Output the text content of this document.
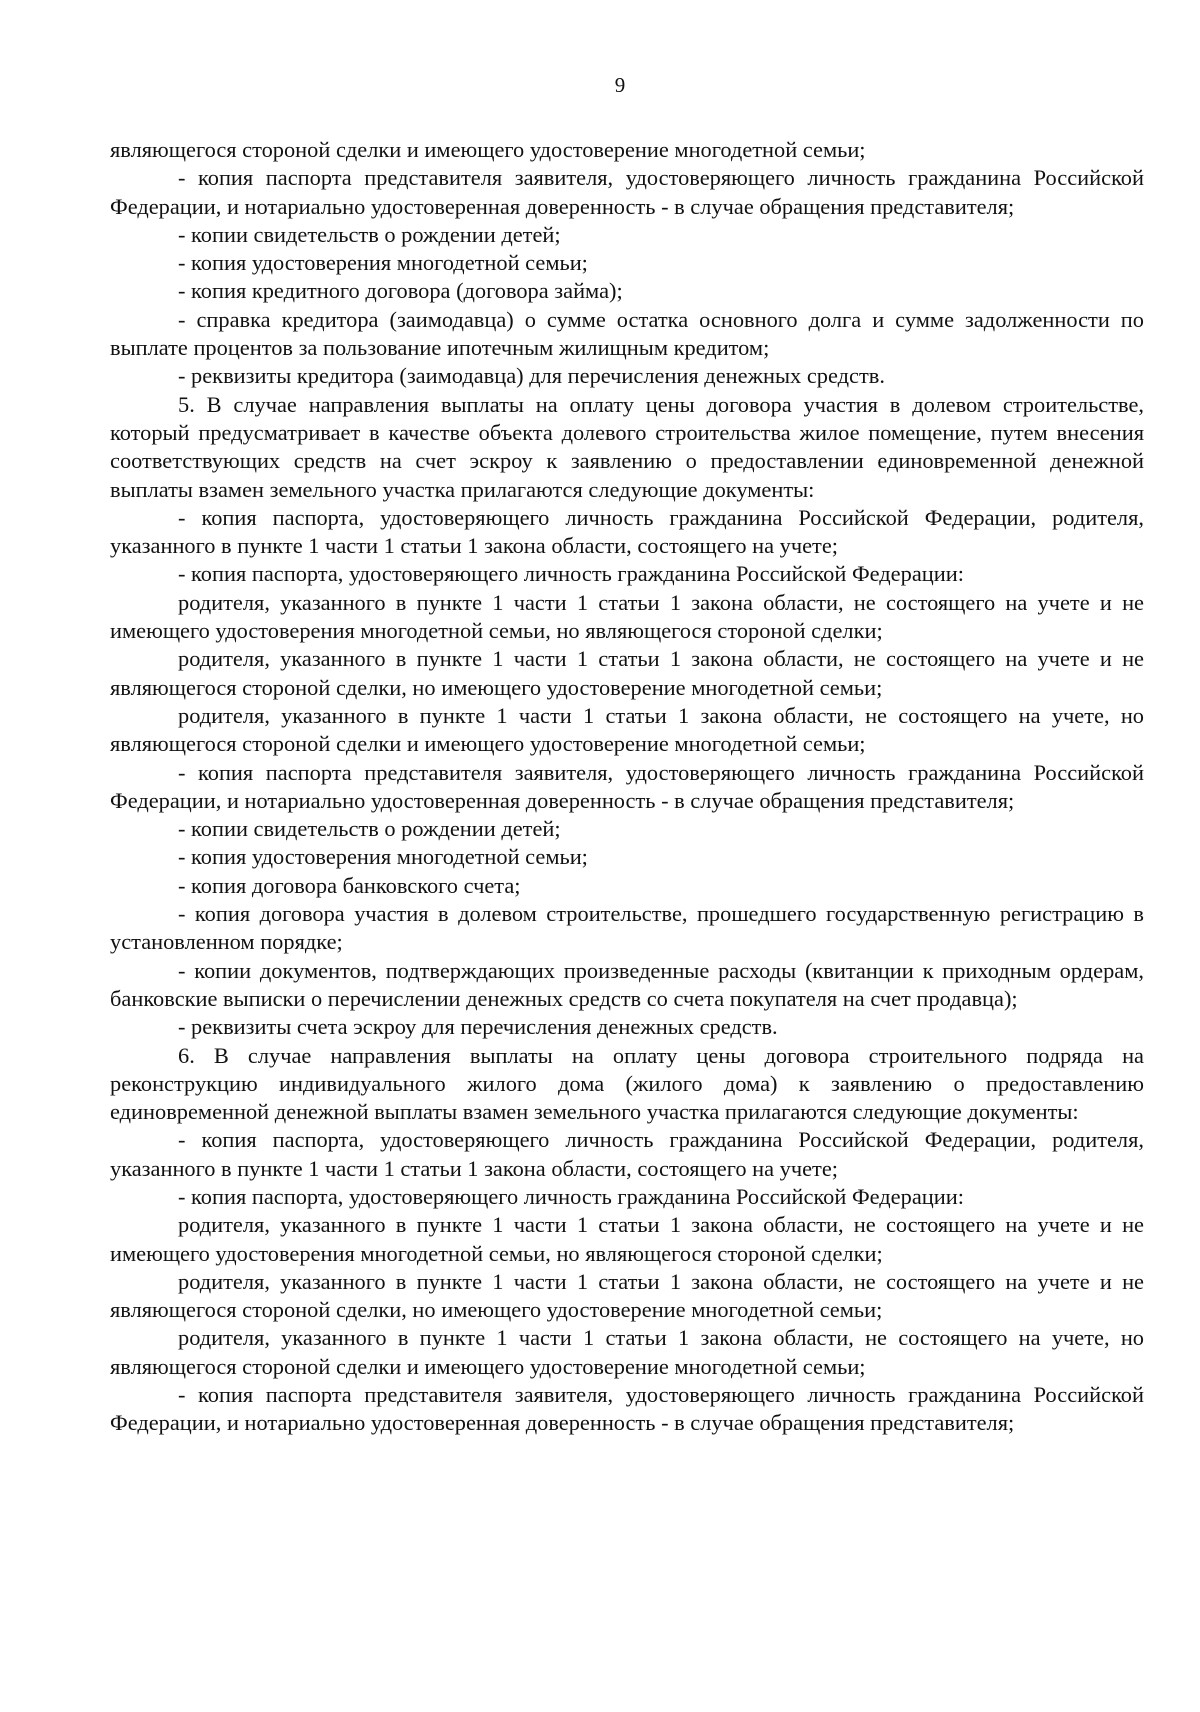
9

являющегося стороной сделки и имеющего удостоверение многодетной семьи;

- копия паспорта представителя заявителя, удостоверяющего личность гражданина Российской Федерации, и нотариально удостоверенная доверенность - в случае обращения представителя;

- копии свидетельств о рождении детей;

- копия удостоверения многодетной семьи;

- копия кредитного договора (договора займа);

- справка кредитора (заимодавца) о сумме остатка основного долга и сумме задолженности по выплате процентов за пользование ипотечным жилищным кредитом;

- реквизиты кредитора (заимодавца) для перечисления денежных средств.

5. В случае направления выплаты на оплату цены договора участия в долевом строительстве, который предусматривает в качестве объекта долевого строительства жилое помещение, путем внесения соответствующих средств на счет эскроу к заявлению о предоставлении единовременной денежной выплаты взамен земельного участка прилагаются следующие документы:

- копия паспорта, удостоверяющего личность гражданина Российской Федерации, родителя, указанного в пункте 1 части 1 статьи 1 закона области, состоящего на учете;

- копия паспорта, удостоверяющего личность гражданина Российской Федерации:

родителя, указанного в пункте 1 части 1 статьи 1 закона области, не состоящего на учете и не имеющего удостоверения многодетной семьи, но являющегося стороной сделки;

родителя, указанного в пункте 1 части 1 статьи 1 закона области, не состоящего на учете и не являющегося стороной сделки, но имеющего удостоверение многодетной семьи;

родителя, указанного в пункте 1 части 1 статьи 1 закона области, не состоящего на учете, но являющегося стороной сделки и имеющего удостоверение многодетной семьи;

- копия паспорта представителя заявителя, удостоверяющего личность гражданина Российской Федерации, и нотариально удостоверенная доверенность - в случае обращения представителя;

- копии свидетельств о рождении детей;

- копия удостоверения многодетной семьи;

- копия договора банковского счета;

- копия договора участия в долевом строительстве, прошедшего государственную регистрацию в установленном порядке;

- копии документов, подтверждающих произведенные расходы (квитанции к приходным ордерам, банковские выписки о перечислении денежных средств со счета покупателя на счет продавца);

- реквизиты счета эскроу для перечисления денежных средств.

6. В случае направления выплаты на оплату цены договора строительного подряда на реконструкцию индивидуального жилого дома (жилого дома) к заявлению о предоставлению единовременной денежной выплаты взамен земельного участка прилагаются следующие документы:

- копия паспорта, удостоверяющего личность гражданина Российской Федерации, родителя, указанного в пункте 1 части 1 статьи 1 закона области, состоящего на учете;

- копия паспорта, удостоверяющего личность гражданина Российской Федерации:

родителя, указанного в пункте 1 части 1 статьи 1 закона области, не состоящего на учете и не имеющего удостоверения многодетной семьи, но являющегося стороной сделки;

родителя, указанного в пункте 1 части 1 статьи 1 закона области, не состоящего на учете и не являющегося стороной сделки, но имеющего удостоверение многодетной семьи;

родителя, указанного в пункте 1 части 1 статьи 1 закона области, не состоящего на учете, но являющегося стороной сделки и имеющего удостоверение многодетной семьи;

- копия паспорта представителя заявителя, удостоверяющего личность гражданина Российской Федерации, и нотариально удостоверенная доверенность - в случае обращения представителя;
